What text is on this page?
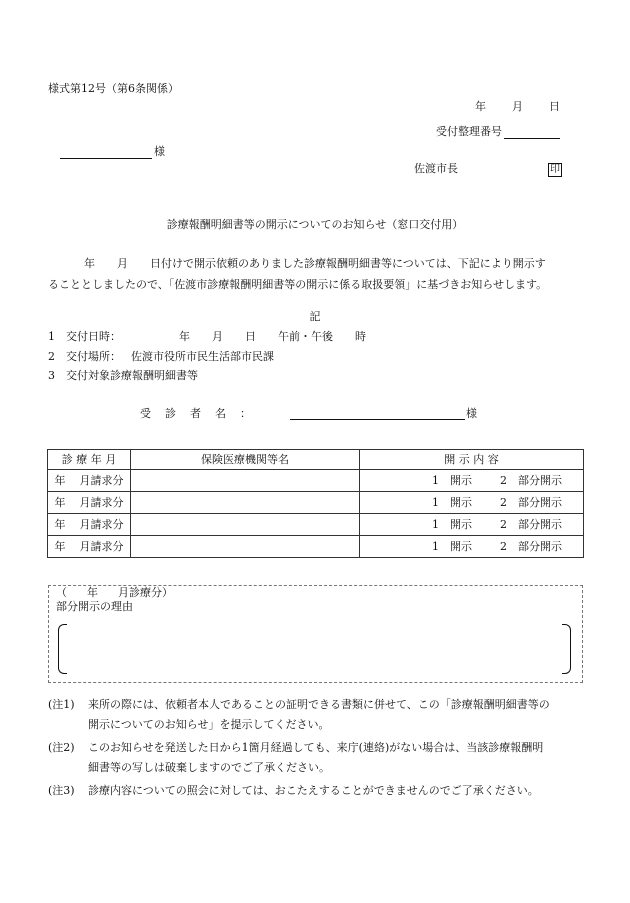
様式第12号（第6条関係）
年 月 日
受付整理番号
様
佐渡市長	印
診療報酬明細書等の開示についてのお知らせ（窓口交付用）
年 月 日付けで開示依頼のありました診療報酬明細書等については、下記により開示す
ることとしましたので、「佐渡市診療報酬明細書等の開示に係る取扱要領」に基づきお知らせします。
記
1 交付日時：	年　　月　　日　　午前・午後　　時
2 交付場所： 佐渡市役所市民生活部市民課
3 交付対象診療報酬明細書等
受診者名：	様
診 療 年 月	保険医療機関等名	開 示 内 容
年 月請求分		1　開示 2　部分開示
年 月請求分		1　開示 2　部分開示
年 月請求分		1　開示 2　部分開示
年 月請求分		1　開示 2　部分開示
（ 年 月診療分）
部分開示の理由
(注1) 来所の際には、依頼者本人であることの証明できる書類に併せて、この「診療報酬明細書等の
開示についてのお知らせ」を提示してください。
(注2) このお知らせを発送した日から1箇月経過しても、来庁(連絡)がない場合は、当該診療報酬明
細書等の写しは破棄しますのでご了承ください。
(注3) 診療内容についての照会に対しては、おこたえすることができませんのでご了承ください。
